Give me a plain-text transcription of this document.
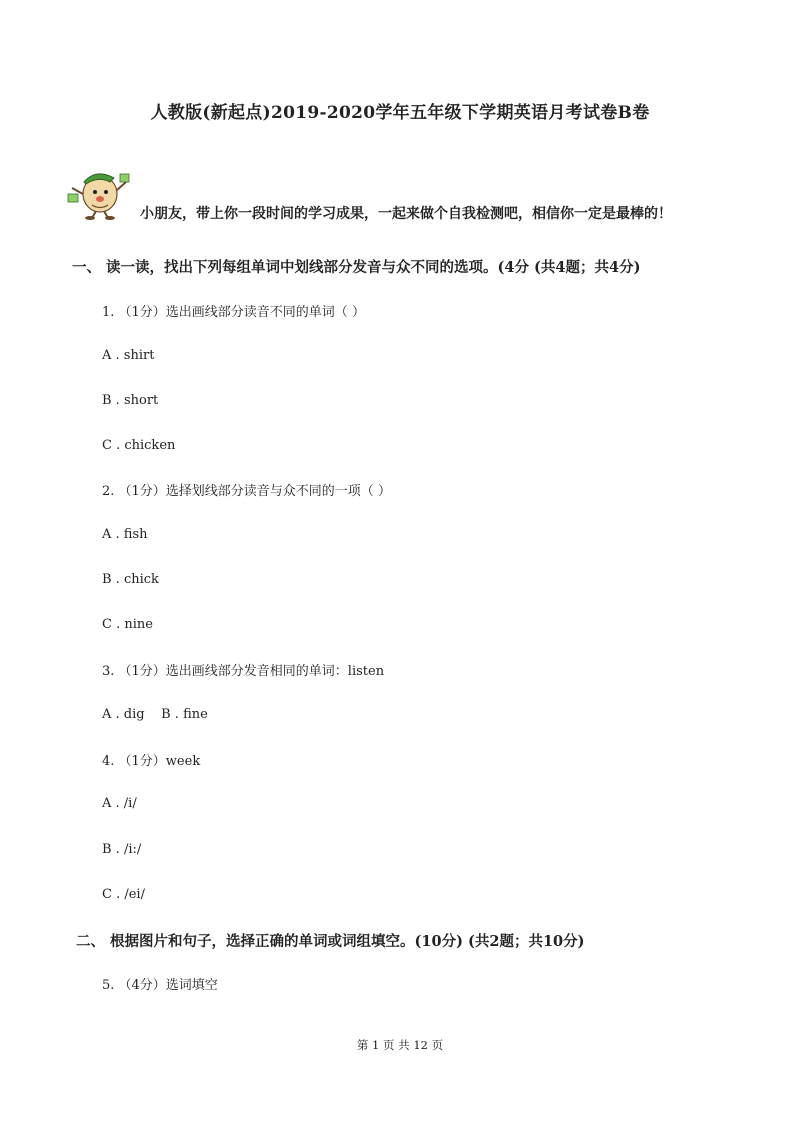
人教版(新起点)2019-2020学年五年级下学期英语月考试卷B卷
小朋友，带上你一段时间的学习成果，一起来做个自我检测吧，相信你一定是最棒的！
一、 读一读，找出下列每组单词中划线部分发音与众不同的选项。(4分 (共4题；共4分)
1. （1分）选出画线部分读音不同的单词（ ）
A . shirt
B . short
C . chicken
2. （1分）选择划线部分读音与众不同的一项（ ）
A . fish
B . chick
C . nine
3. （1分）选出画线部分发音相同的单词：listen
A . dig    B . fine
4. （1分）week
A . /i/
B . /i:/
C . /ei/
二、 根据图片和句子，选择正确的单词或词组填空。(10分) (共2题；共10分)
5. （4分）选词填空
第 1 页 共 12 页
